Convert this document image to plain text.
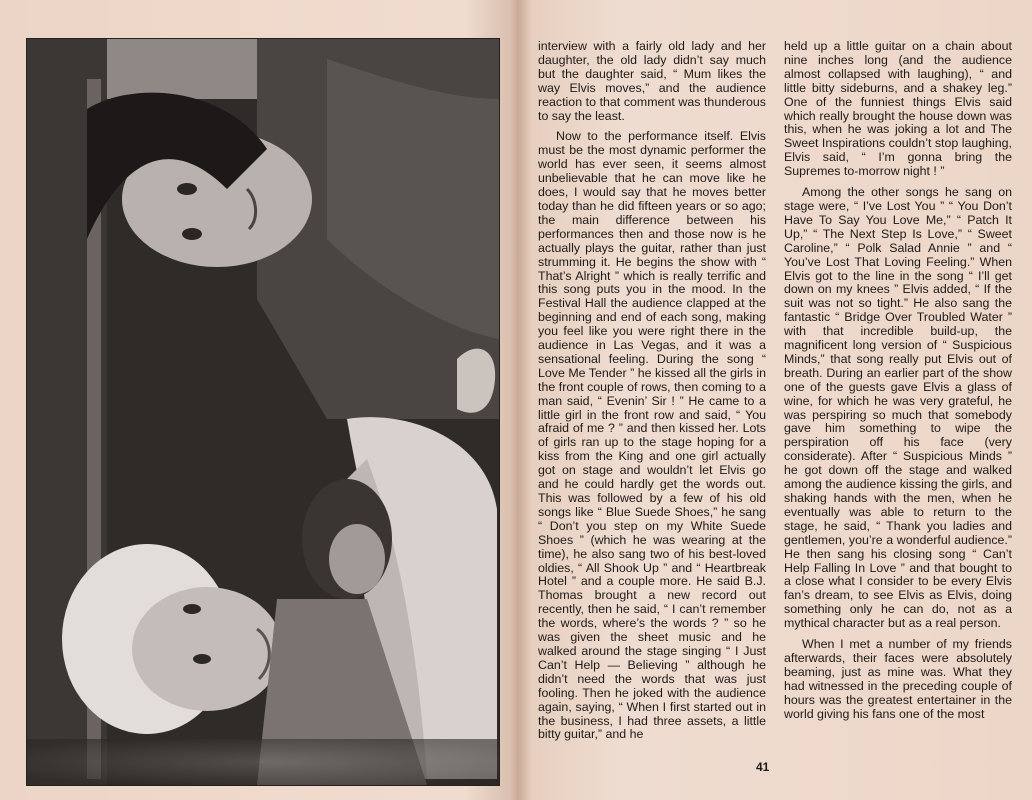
interview with a fairly old lady and her daughter, the old lady didn’t say much but the daughter said, “ Mum likes the way Elvis moves,” and the audience reaction to that comment was thunderous to say the least.

Now to the performance itself. Elvis must be the most dynamic performer the world has ever seen, it seems almost unbelievable that he can move like he does, I would say that he moves better today than he did fifteen years or so ago; the main difference between his performances then and those now is he actually plays the guitar, rather than just strumming it. He begins the show with “ That’s Alright ” which is really terrific and this song puts you in the mood. In the Festival Hall the audience clapped at the beginning and end of each song, making you feel like you were right there in the audience in Las Vegas, and it was a sensational feeling. During the song “ Love Me Tender ” he kissed all the girls in the front couple of rows, then coming to a man said, “ Evenin’ Sir ! ” He came to a little girl in the front row and said, “ You afraid of me ? ” and then kissed her. Lots of girls ran up to the stage hoping for a kiss from the King and one girl actually got on stage and wouldn’t let Elvis go and he could hardly get the words out. This was followed by a few of his old songs like “ Blue Suede Shoes,” he sang “ Don’t you step on my White Suede Shoes ” (which he was wearing at the time), he also sang two of his best-loved oldies, “ All Shook Up ” and “ Heartbreak Hotel ” and a couple more. He said B.J. Thomas brought a new record out recently, then he said, “ I can’t remember the words, where’s the words ? ” so he was given the sheet music and he walked around the stage singing “ I Just Can’t Help — Believing ” although he didn’t need the words that was just fooling. Then he joked with the audience again, saying, “ When I first started out in the business, I had three assets, a little bitty guitar,” and he

held up a little guitar on a chain about nine inches long (and the audience almost collapsed with laughing), “ and little bitty sideburns, and a shakey leg.” One of the funniest things Elvis said which really brought the house down was this, when he was joking a lot and The Sweet Inspirations couldn’t stop laughing, Elvis said, “ I’m gonna bring the Supremes to-morrow night ! ”

Among the other songs he sang on stage were, “ I’ve Lost You ” “ You Don’t Have To Say You Love Me,” “ Patch It Up,” “ The Next Step Is Love,” “ Sweet Caroline,” “ Polk Salad Annie ” and “ You’ve Lost That Loving Feeling.” When Elvis got to the line in the song “ I’ll get down on my knees ” Elvis added, “ If the suit was not so tight.” He also sang the fantastic “ Bridge Over Troubled Water ” with that incredible build-up, the magnificent long version of “ Suspicious Minds,” that song really put Elvis out of breath. During an earlier part of the show one of the guests gave Elvis a glass of wine, for which he was very grateful, he was perspiring so much that somebody gave him something to wipe the perspiration off his face (very considerate). After “ Suspicious Minds ” he got down off the stage and walked among the audience kissing the girls, and shaking hands with the men, when he eventually was able to return to the stage, he said, “ Thank you ladies and gentlemen, you’re a wonderful audience.” He then sang his closing song “ Can’t Help Falling In Love ” and that bought to a close what I consider to be every Elvis fan’s dream, to see Elvis as Elvis, doing something only he can do, not as a mythical character but as a real person.

When I met a number of my friends afterwards, their faces were absolutely beaming, just as mine was. What they had witnessed in the preceding couple of hours was the greatest entertainer in the world giving his fans one of the most

41
